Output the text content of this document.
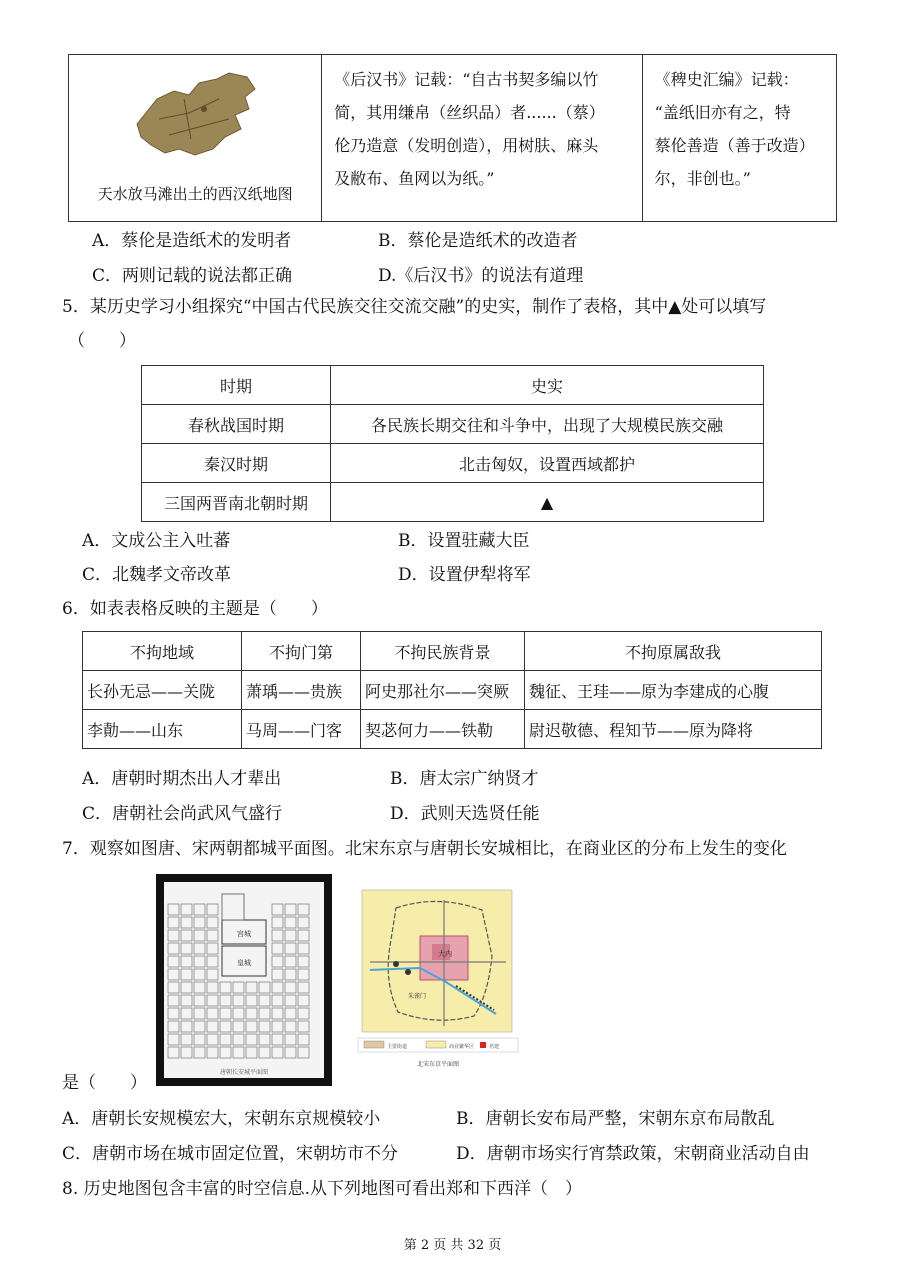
天水放马滩出土的西汉纸地图

《后汉书》记载：“自古书契多编以竹
简，其用缣帛（丝织品）者......（蔡）
伦乃造意（发明创造），用树肤、麻头
及敝布、鱼网以为纸。”

《稗史汇编》记载：
“盖纸旧亦有之，特
蔡伦善造（善于改造）
尔，非创也。”
A．蔡伦是造纸术的发明者	B．蔡伦是造纸术的改造者
C．两则记载的说法都正确	D.《后汉书》的说法有道理
5．某历史学习小组探究“中国古代民族交往交流交融”的史实，制作了表格，其中▲处可以填写
（　　）
时期	史实
春秋战国时期	各民族长期交往和斗争中，出现了大规模民族交融
秦汉时期	北击匈奴，设置西域都护
三国两晋南北朝时期	▲
A．文成公主入吐蕃	B．设置驻藏大臣
C．北魏孝文帝改革	D．设置伊犁将军
6．如表表格反映的主题是（　　）
不拘地域	不拘门第	不拘民族背景	不拘原属敌我
长孙无忌——关陇	萧瑀——贵族	阿史那社尔——突厥	魏征、王珪——原为李建成的心腹
李勣——山东	马周——门客	契苾何力——铁勒	尉迟敬德、程知节——原为降将
A．唐朝时期杰出人才辈出	B．唐太宗广纳贤才
C．唐朝社会尚武风气盛行	D．武则天选贤任能
7．观察如图唐、宋两朝都城平面图。北宋东京与唐朝长安城相比，在商业区的分布上发生的变化
宫城
皇城
唐朝长安城平面图
大内
朱雀门
主要街道	商业繁华区	名建
北宋东京平面图
是（　　）
A．唐朝长安规模宏大，宋朝东京规模较小	B．唐朝长安布局严整，宋朝东京布局散乱
C．唐朝市场在城市固定位置，宋朝坊市不分	D．唐朝市场实行宵禁政策，宋朝商业活动自由
8. 历史地图包含丰富的时空信息.从下列地图可看出郑和下西洋（　）
第 2 页 共 32 页
